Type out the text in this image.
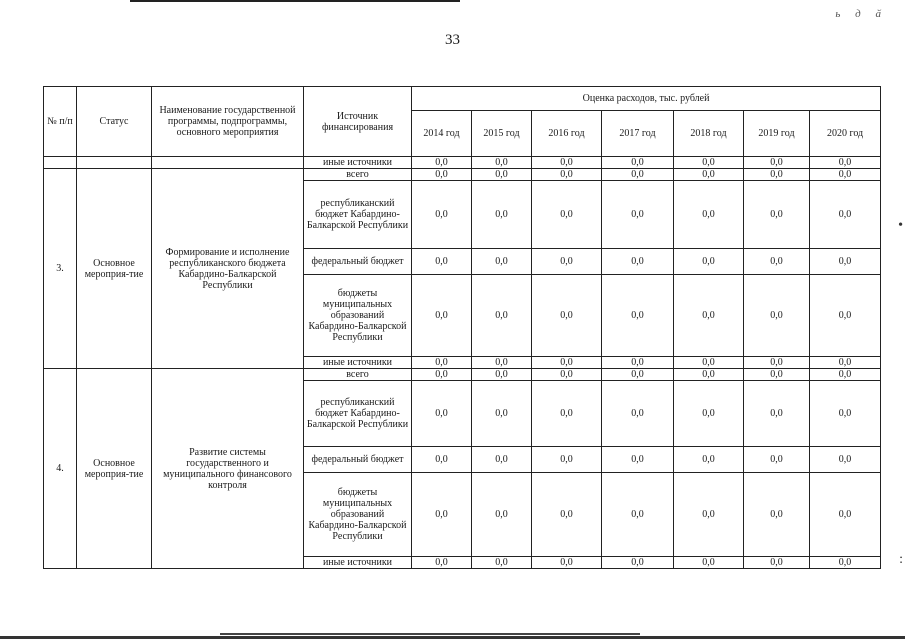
ь д ӑ
33
•
:
№ п/п	Статус	Наименование государственной программы, подпрограммы, основного мероприятия	Источник финансирования	Оценка расходов, тыс. рублей						
				2014 год	2015 год	2016 год	2017 год	2018 год	2019 год	2020 год
			иные источники	0,0	0,0	0,0	0,0	0,0	0,0	0,0
3.	Основное мероприя-тие	Формирование и исполнение республиканского бюджета Кабардино-Балкарской Республики	всего	0,0	0,0	0,0	0,0	0,0	0,0	0,0
			республиканский бюджет Кабардино-Балкарской Республики	0,0	0,0	0,0	0,0	0,0	0,0	0,0
			федеральный бюджет	0,0	0,0	0,0	0,0	0,0	0,0	0,0
			бюджеты муниципальных образований Кабардино-Балкарской Республики	0,0	0,0	0,0	0,0	0,0	0,0	0,0
			иные источники	0,0	0,0	0,0	0,0	0,0	0,0	0,0
4.	Основное мероприя-тие	Развитие системы государственного и муниципального финансового контроля	всего	0,0	0,0	0,0	0,0	0,0	0,0	0,0
			республиканский бюджет Кабардино-Балкарской Республики	0,0	0,0	0,0	0,0	0,0	0,0	0,0
			федеральный бюджет	0,0	0,0	0,0	0,0	0,0	0,0	0,0
			бюджеты муниципальных образований Кабардино-Балкарской Республики	0,0	0,0	0,0	0,0	0,0	0,0	0,0
			иные источники	0,0	0,0	0,0	0,0	0,0	0,0	0,0
